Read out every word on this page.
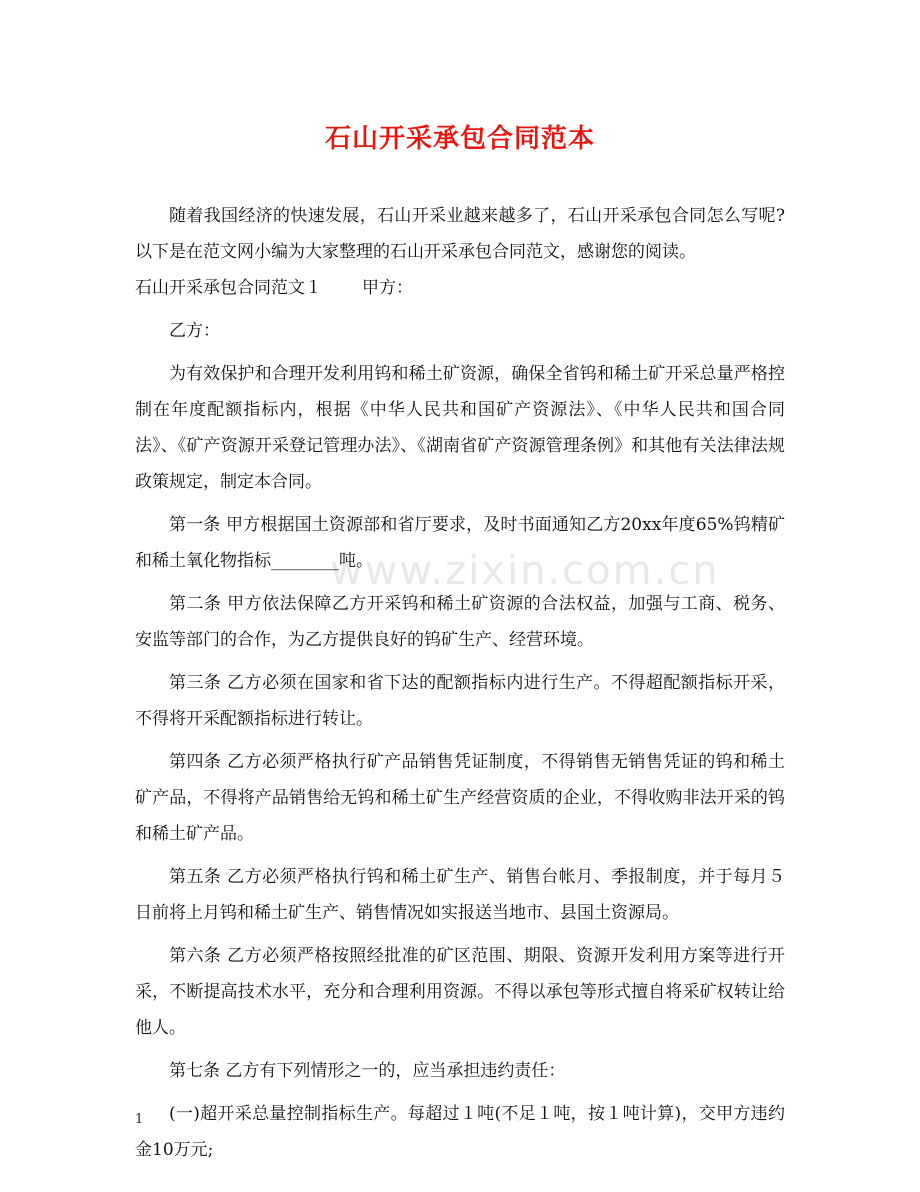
www.zixin.com.cn
石山开采承包合同范本

随着我国经济的快速发展，石山开采业越来越多了，石山开采承包合同怎么写呢?以下是在范文网小编为大家整理的石山开采承包合同范文，感谢您的阅读。

石山开采承包合同范文１ 甲方：

乙方：

为有效保护和合理开发利用钨和稀土矿资源，确保全省钨和稀土矿开采总量严格控制在年度配额指标内，根据《中华人民共和国矿产资源法》、《中华人民共和国合同法》、《矿产资源开采登记管理办法》、《湖南省矿产资源管理条例》和其他有关法律法规政策规定，制定本合同。

第一条 甲方根据国土资源部和省厅要求，及时书面通知乙方20xx年度65%钨精矿和稀土氧化物指标________吨。

第二条 甲方依法保障乙方开采钨和稀土矿资源的合法权益，加强与工商、税务、安监等部门的合作，为乙方提供良好的钨矿生产、经营环境。

第三条 乙方必须在国家和省下达的配额指标内进行生产。不得超配额指标开采，不得将开采配额指标进行转让。

第四条 乙方必须严格执行矿产品销售凭证制度，不得销售无销售凭证的钨和稀土矿产品，不得将产品销售给无钨和稀土矿生产经营资质的企业，不得收购非法开采的钨和稀土矿产品。

第五条 乙方必须严格执行钨和稀土矿生产、销售台帐月、季报制度，并于每月５日前将上月钨和稀土矿生产、销售情况如实报送当地市、县国土资源局。

第六条 乙方必须严格按照经批准的矿区范围、期限、资源开发利用方案等进行开采，不断提高技术水平，充分和合理利用资源。不得以承包等形式擅自将采矿权转让给他人。

第七条 乙方有下列情形之一的，应当承担违约责任：

(一)超开采总量控制指标生产。每超过１吨(不足１吨，按１吨计算)，交甲方违约金10万元;

1
